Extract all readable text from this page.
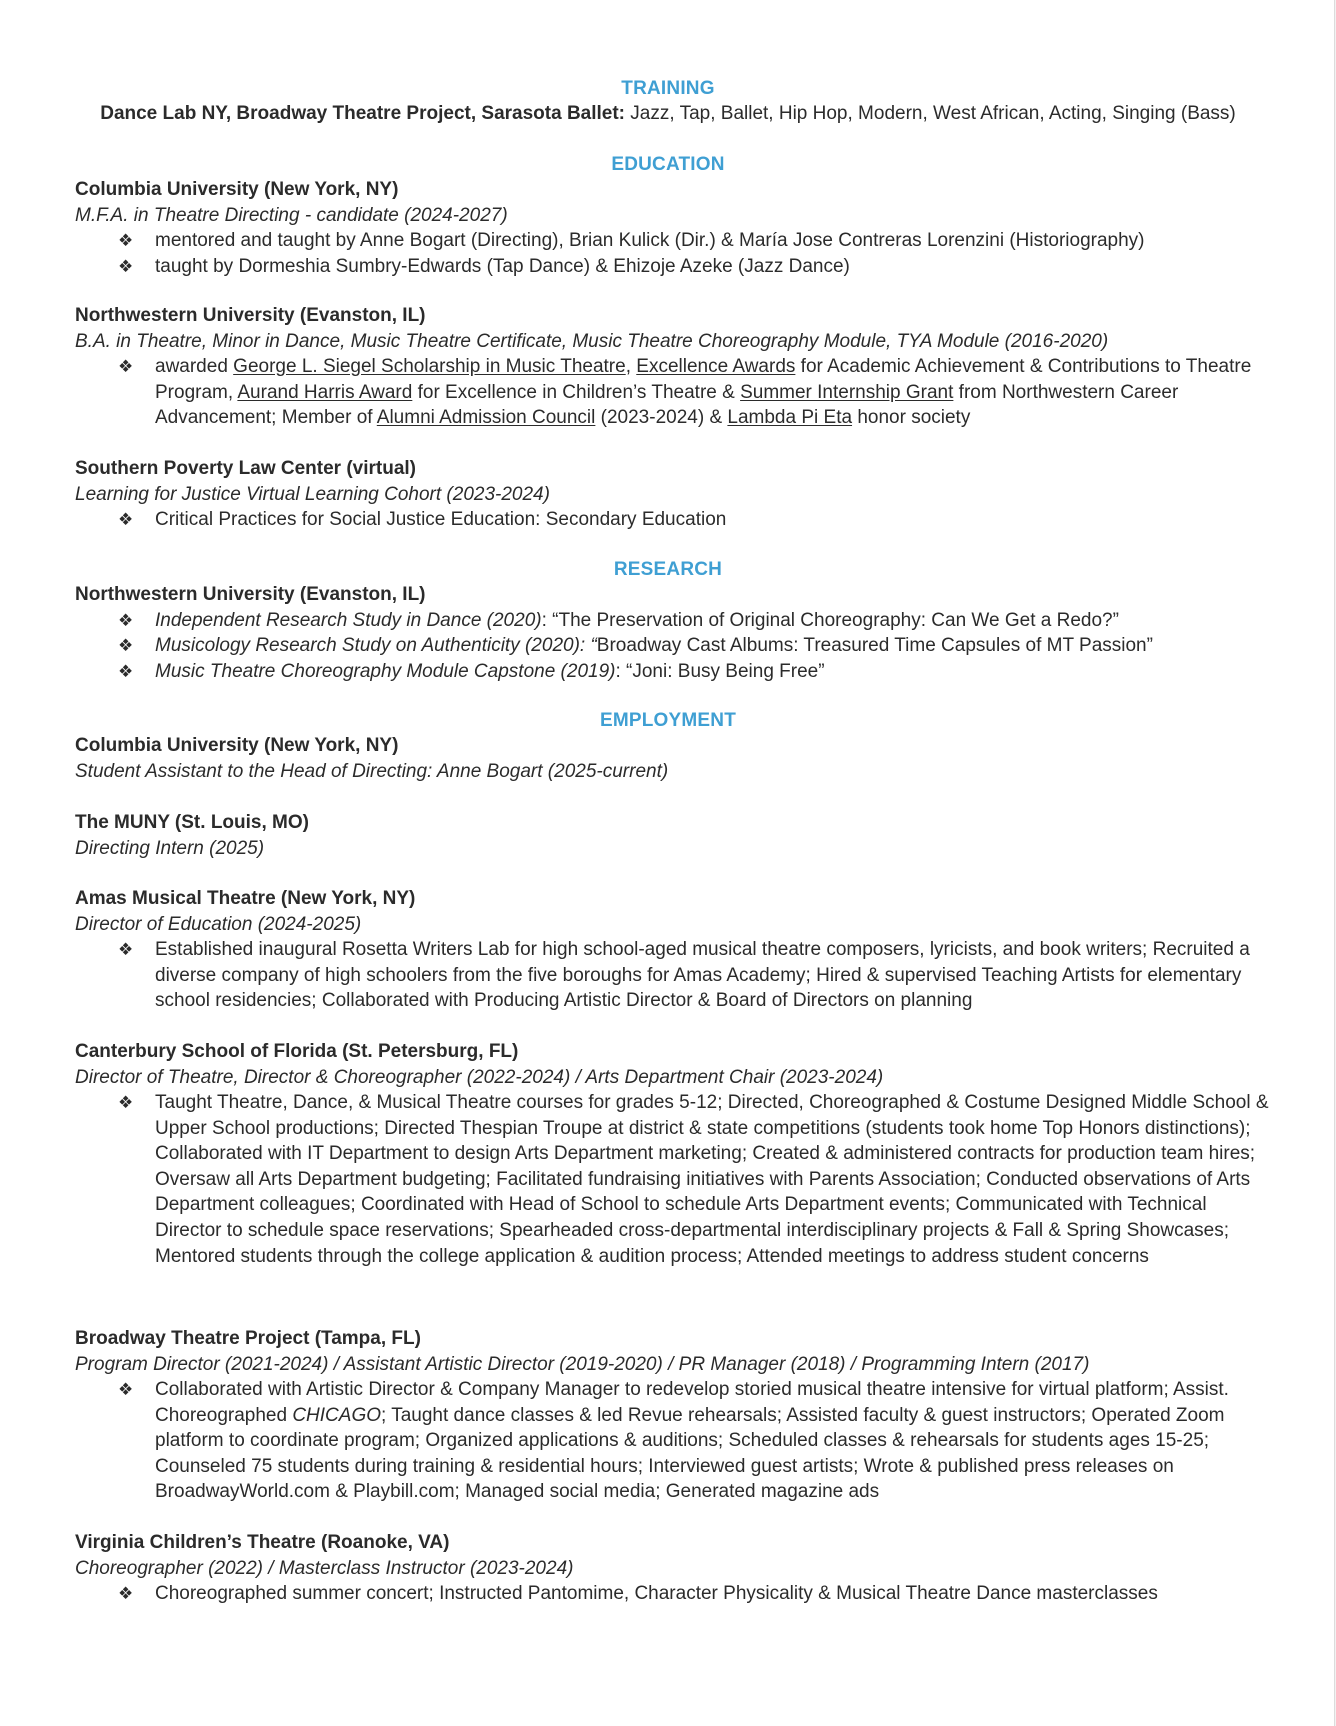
TRAINING
Dance Lab NY, Broadway Theatre Project, Sarasota Ballet: Jazz, Tap, Ballet, Hip Hop, Modern, West African, Acting, Singing (Bass)
EDUCATION
Columbia University (New York, NY)
M.F.A. in Theatre Directing - candidate (2024-2027)
❖ mentored and taught by Anne Bogart (Directing), Brian Kulick (Dir.) & María Jose Contreras Lorenzini (Historiography)
❖ taught by Dormeshia Sumbry-Edwards (Tap Dance) & Ehizoje Azeke (Jazz Dance)
Northwestern University (Evanston, IL)
B.A. in Theatre, Minor in Dance, Music Theatre Certificate, Music Theatre Choreography Module, TYA Module (2016-2020)
❖ awarded George L. Siegel Scholarship in Music Theatre, Excellence Awards for Academic Achievement & Contributions to Theatre Program, Aurand Harris Award for Excellence in Children’s Theatre & Summer Internship Grant from Northwestern Career Advancement; Member of Alumni Admission Council (2023-2024) & Lambda Pi Eta honor society
Southern Poverty Law Center (virtual)
Learning for Justice Virtual Learning Cohort (2023-2024)
❖ Critical Practices for Social Justice Education: Secondary Education
RESEARCH
Northwestern University (Evanston, IL)
❖ Independent Research Study in Dance (2020): “The Preservation of Original Choreography: Can We Get a Redo?”
❖ Musicology Research Study on Authenticity (2020): “Broadway Cast Albums: Treasured Time Capsules of MT Passion”
❖ Music Theatre Choreography Module Capstone (2019): “Joni: Busy Being Free”
EMPLOYMENT
Columbia University (New York, NY)
Student Assistant to the Head of Directing: Anne Bogart (2025-current)
The MUNY (St. Louis, MO)
Directing Intern (2025)
Amas Musical Theatre (New York, NY)
Director of Education (2024-2025)
❖ Established inaugural Rosetta Writers Lab for high school-aged musical theatre composers, lyricists, and book writers; Recruited a diverse company of high schoolers from the five boroughs for Amas Academy; Hired & supervised Teaching Artists for elementary school residencies; Collaborated with Producing Artistic Director & Board of Directors on planning
Canterbury School of Florida (St. Petersburg, FL)
Director of Theatre, Director & Choreographer (2022-2024) / Arts Department Chair (2023-2024)
❖ Taught Theatre, Dance, & Musical Theatre courses for grades 5-12; Directed, Choreographed & Costume Designed Middle School & Upper School productions; Directed Thespian Troupe at district & state competitions (students took home Top Honors distinctions); Collaborated with IT Department to design Arts Department marketing; Created & administered contracts for production team hires; Oversaw all Arts Department budgeting; Facilitated fundraising initiatives with Parents Association; Conducted observations of Arts Department colleagues; Coordinated with Head of School to schedule Arts Department events; Communicated with Technical Director to schedule space reservations; Spearheaded cross-departmental interdisciplinary projects & Fall & Spring Showcases; Mentored students through the college application & audition process; Attended meetings to address student concerns
Broadway Theatre Project (Tampa, FL)
Program Director (2021-2024) / Assistant Artistic Director (2019-2020) / PR Manager (2018) / Programming Intern (2017)
❖ Collaborated with Artistic Director & Company Manager to redevelop storied musical theatre intensive for virtual platform; Assist. Choreographed CHICAGO; Taught dance classes & led Revue rehearsals; Assisted faculty & guest instructors; Operated Zoom platform to coordinate program; Organized applications & auditions; Scheduled classes & rehearsals for students ages 15-25; Counseled 75 students during training & residential hours; Interviewed guest artists; Wrote & published press releases on BroadwayWorld.com & Playbill.com; Managed social media; Generated magazine ads
Virginia Children’s Theatre (Roanoke, VA)
Choreographer (2022) / Masterclass Instructor (2023-2024)
❖ Choreographed summer concert; Instructed Pantomime, Character Physicality & Musical Theatre Dance masterclasses
